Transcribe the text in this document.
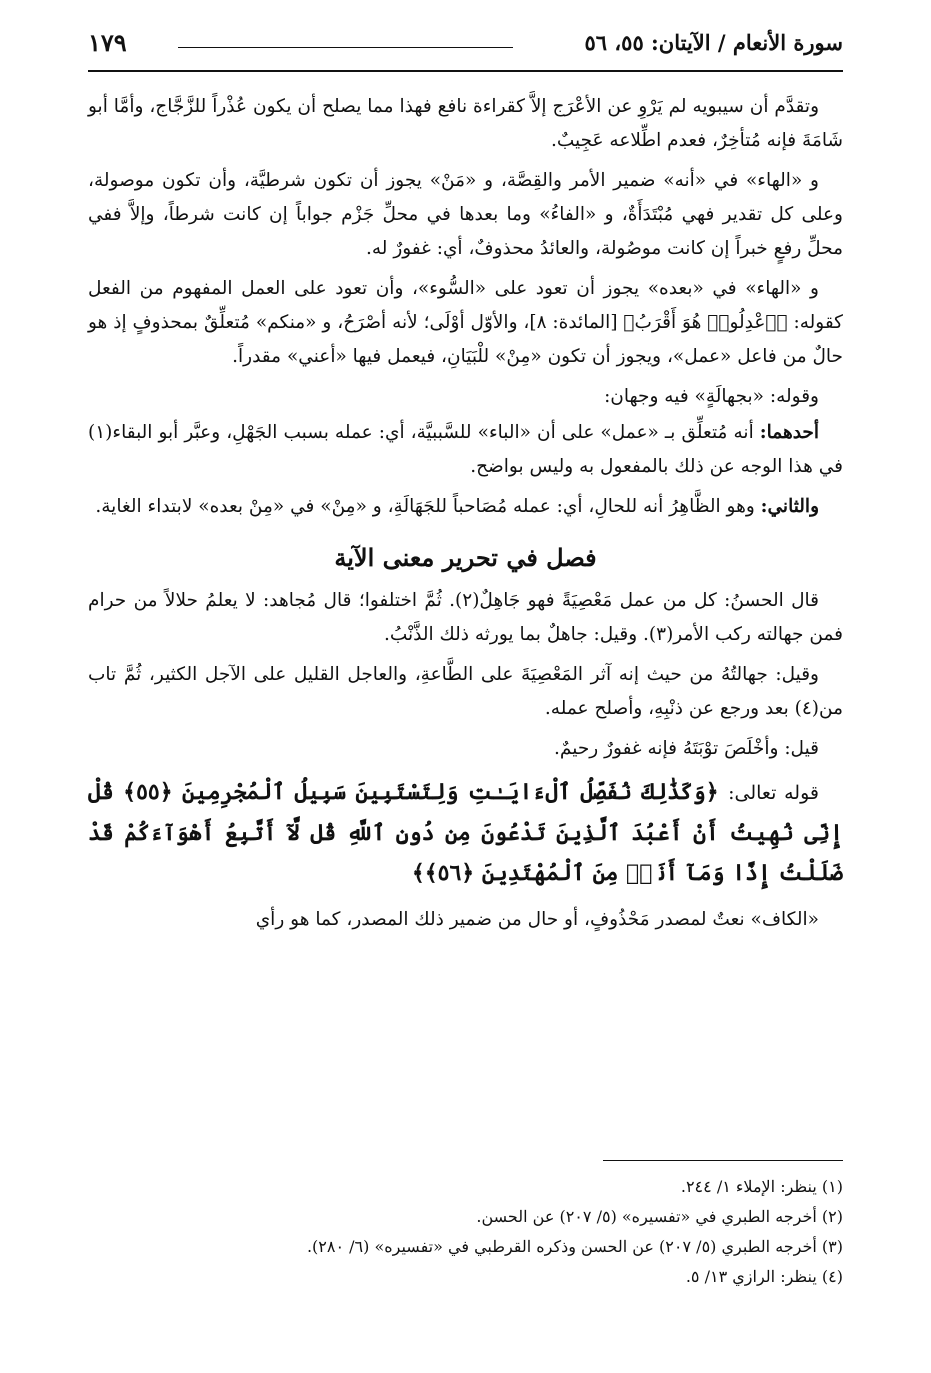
سورة الأنعام / الآيتان: ٥٥، ٥٦
١٧٩

وتقدَّم أن سيبويه لم يَرْوِ عن الأعْرَج إلاَّ كقراءة نافع فهذا مما يصلح أن يكون عُذْراً للزَّجَّاج، وأمَّا أبو شَامَةَ فإنه مُتأخِرٌ، فعدم اطِّلاعه عَجِيبٌ.

و «الهاء» في «أنه» ضمير الأمر والقِصَّة، و «مَنْ» يجوز أن تكون شرطيَّة، وأن تكون موصولة، وعلى كل تقدير فهي مُبْتَدَأَةٌ، و «الفاءُ» وما بعدها في محلِّ جَزْم جواباً إن كانت شرطاً، وإلاَّ ففي محلِّ رفعٍ خبراً إن كانت موصُولة، والعائدُ محذوفٌ، أي: غفورٌ له.

و «الهاء» في «بعده» يجوز أن تعود على «السُّوء»، وأن تعود على العمل المفهوم من الفعل كقوله: ﴿ٱعْدِلُوا۟ هُوَ أَقْرَبُ﴾ [المائدة: ٨]، والأوّل أوْلَى؛ لأنه أصْرَحُ، و «منكم» مُتعلِّقٌ بمحذوفٍ إذ هو حالٌ من فاعل «عمل»، ويجوز أن تكون «مِنْ» للْبَيَانِ، فيعمل فيها «أعني» مقدراً.

وقوله: «بجهالَةٍ» فيه وجهان:

أحدهما: أنه مُتعلِّق بـ «عمل» على أن «الباء» للسَّببيَّة، أي: عمله بسبب الجَهْلِ، وعبَّر أبو البقاء(١) في هذا الوجه عن ذلك بالمفعول به وليس بواضح.

والثاني: وهو الظَّاهِرُ أنه للحالِ، أي: عمله مُصَاحباً للجَهَالَةِ، و «مِنْ» في «مِنْ بعده» لابتداء الغاية.

فصل في تحرير معنى الآية

قال الحسنُ: كل من عمل مَعْصِيَةً فهو جَاهِلٌ(٢). ثُمَّ اختلفوا؛ قال مُجاهد: لا يعلمُ حلالاً من حرام فمن جهالته ركب الأمر(٣). وقيل: جاهلٌ بما يورثه ذلك الذَّنْبُ.

وقيل: جهالتُهُ من حيث إنه آثر المَعْصِيَةَ على الطَّاعةِ، والعاجل القليل على الآجل الكثير، ثُمَّ تاب من(٤) بعد ورجع عن ذنْبِهِ، وأصلح عمله.

قيل: وأخْلَصَ توْبَتَهُ فإنه غفورٌ رحيمٌ.

قوله تعالى: ﴿وَكَذَٰلِكَ نُفَصِّلُ ٱلْءَايَـٰتِ وَلِتَسْتَبِينَ سَبِيلُ ٱلْمُجْرِمِينَ ﴿٥٥﴾ قُلْ إِنِّى نُهِيتُ أَنْ أَعْبُدَ ٱلَّذِينَ تَدْعُونَ مِن دُونِ ٱللَّهِ قُل لَّآ أَتَّبِعُ أَهْوَآءَكُمْ قَدْ ضَلَلْتُ إِذًا وَمَآ أَنَا۠ مِنَ ٱلْمُهْتَدِينَ ﴿٥٦﴾﴾

«الكاف» نعتٌ لمصدر مَحْذُوفٍ، أو حال من ضمير ذلك المصدر، كما هو رأي

(١) ينظر: الإملاء ١/ ٢٤٤.
(٢) أخرجه الطبري في «تفسيره» (٥/ ٢٠٧) عن الحسن.
(٣) أخرجه الطبري (٥/ ٢٠٧) عن الحسن وذكره القرطبي في «تفسيره» (٦/ ٢٨٠).
(٤) ينظر: الرازي ١٣/ ٥.
